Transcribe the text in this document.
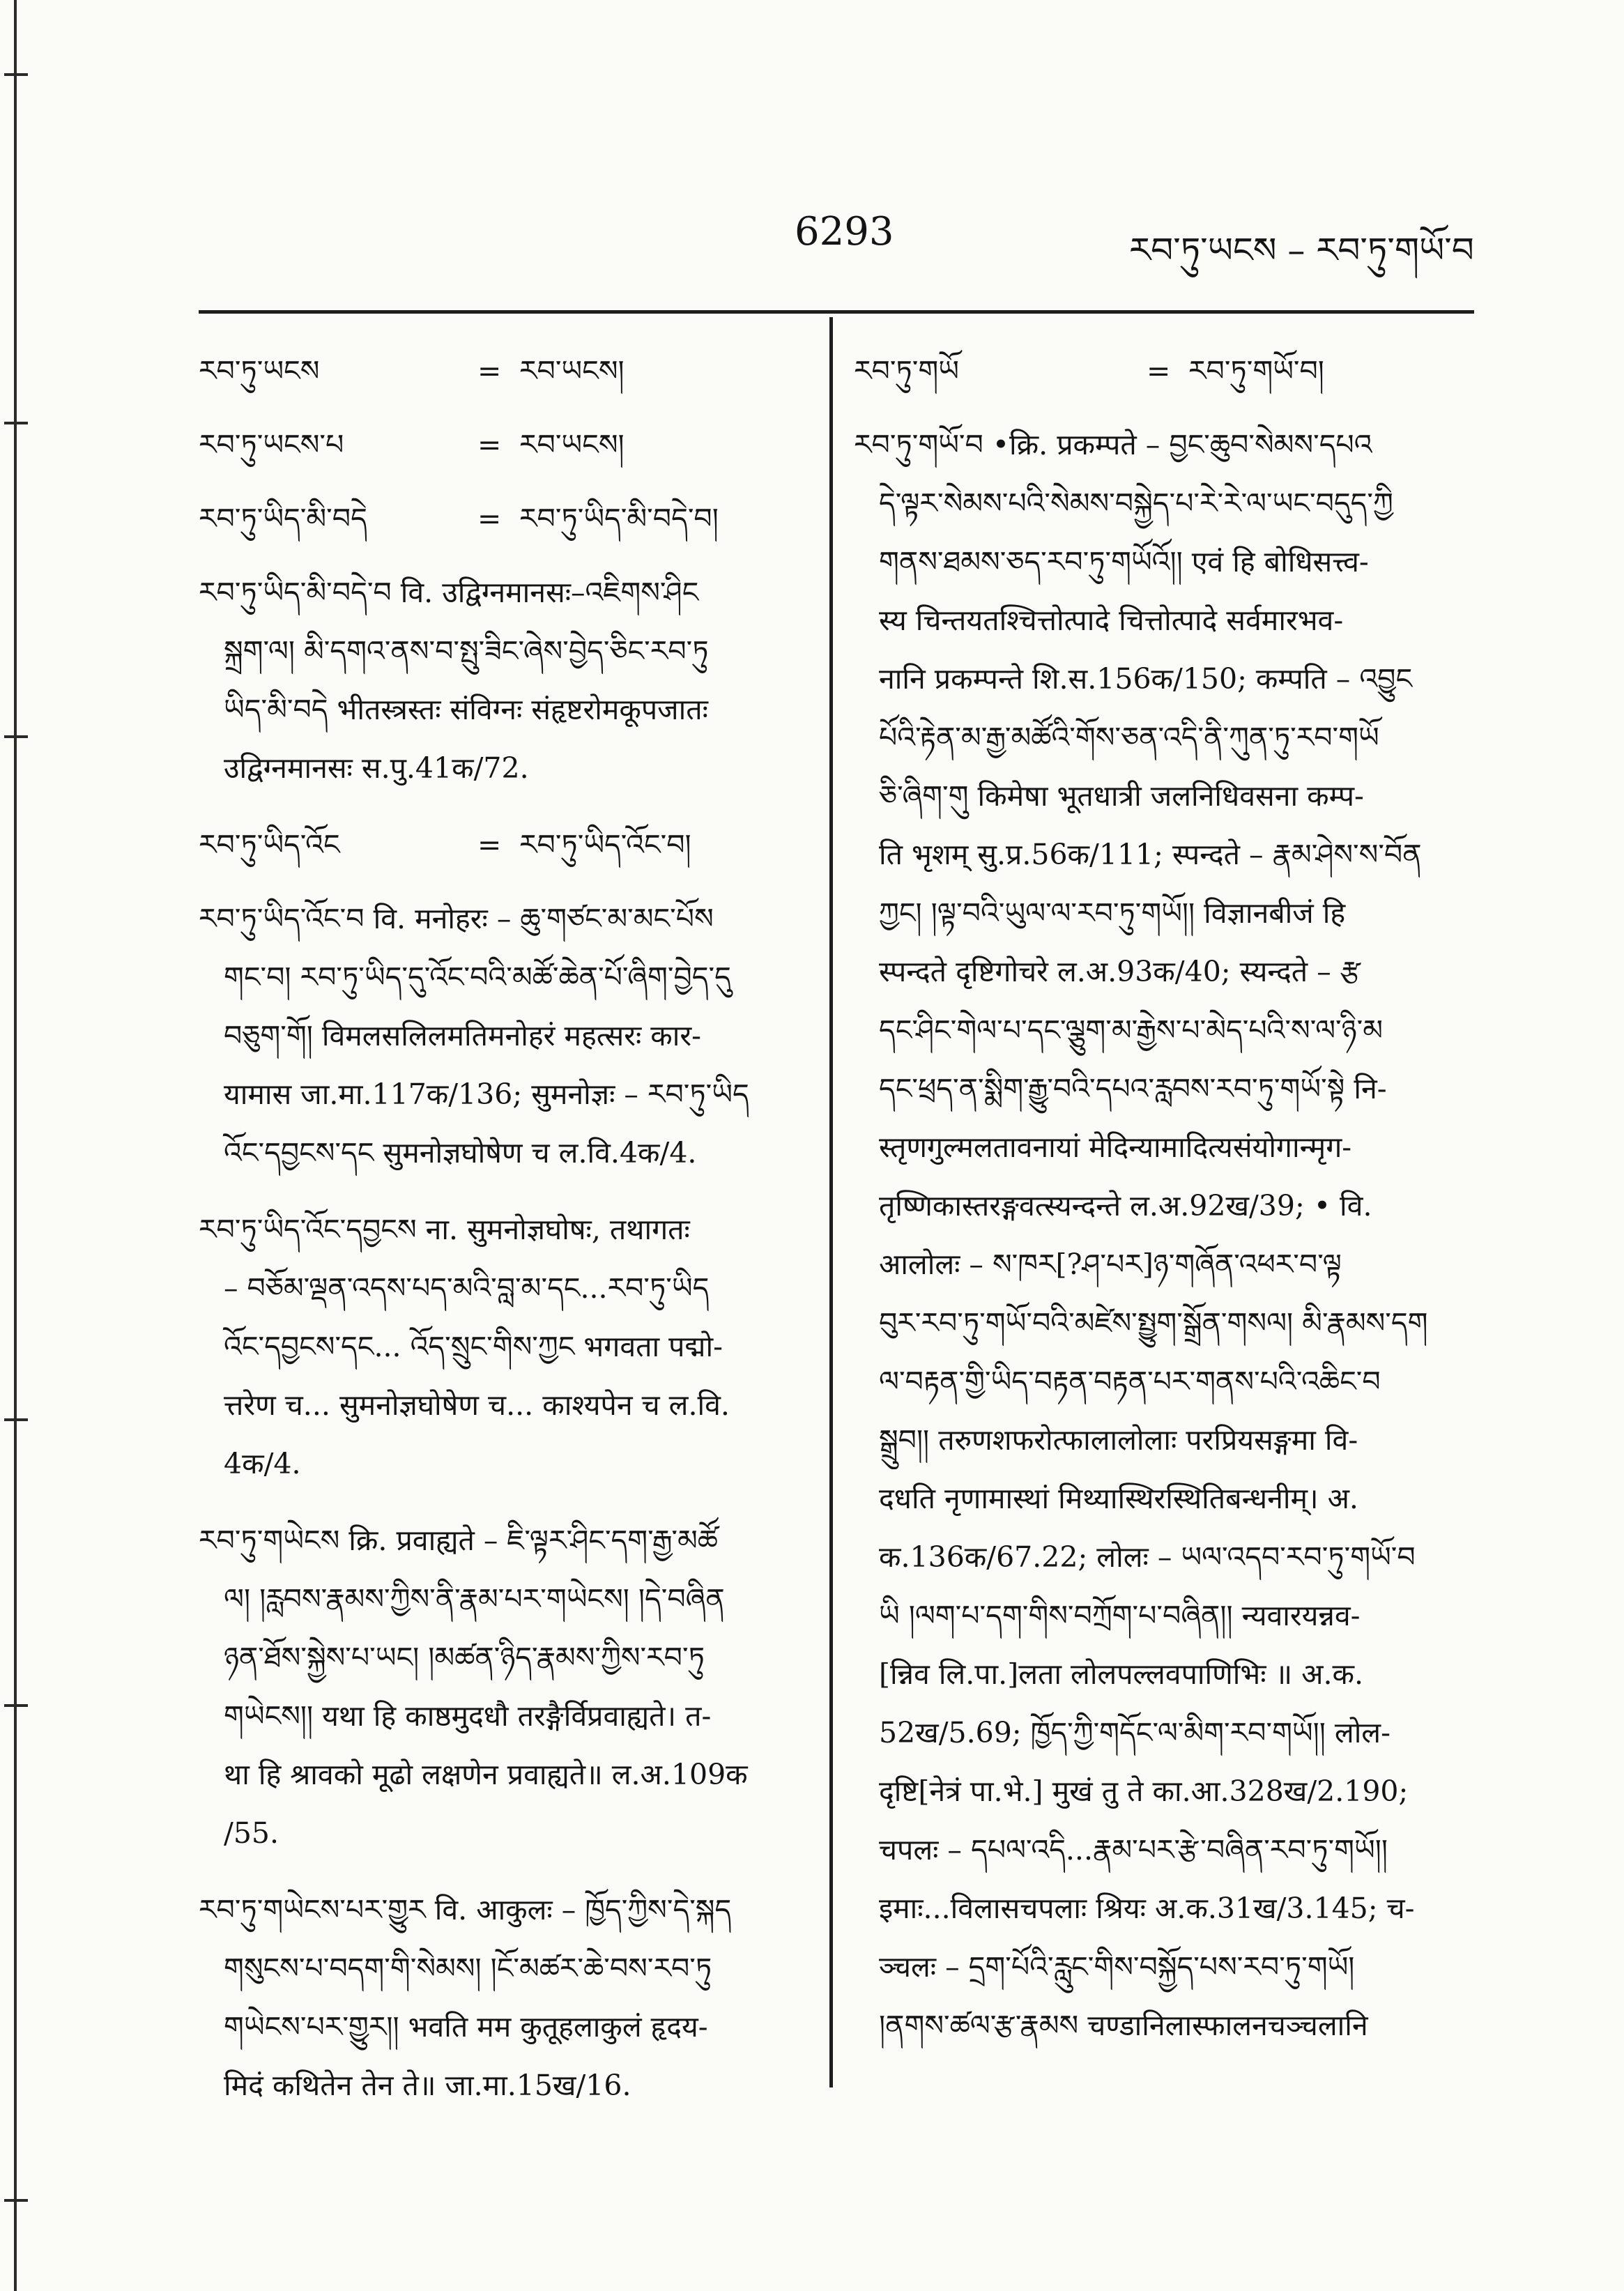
6293	རབ་ཏུ་ཡངས – རབ་ཏུ་གཡོ་བ
རབ་ཏུ་ཡངས	= རབ་ཡངས།
རབ་ཏུ་ཡངས་པ	= རབ་ཡངས།
རབ་ཏུ་ཡིད་མི་བདེ	= རབ་ཏུ་ཡིད་མི་བདེ་བ།
རབ་ཏུ་ཡིད་མི་བདེ་བ वि. उद्विग्नमानसः–འཇིགས་ཤིང
སྐྲག་ལ། མི་དགའ་ནས་བ་སྤུ་ཟིང་ཞེས་བྱེད་ཅིང་རབ་ཏུ
ཡིད་མི་བདེ भीतस्त्रस्तः संविग्नः संहृष्टरोमकूपजातः
उद्विग्नमानसः स.पु.41क/72.
རབ་ཏུ་ཡིད་འོང	= རབ་ཏུ་ཡིད་འོང་བ།
རབ་ཏུ་ཡིད་འོང་བ वि. मनोहरः – ཆུ་གཙང་མ་མང་པོས
གང་བ། རབ་ཏུ་ཡིད་དུ་འོང་བའི་མཚོ་ཆེན་པོ་ཞིག་བྱེད་དུ
བཅུག་གོ། विमलसलिलमतिमनोहरं महत्सरः कार-
यामास जा.मा.117क/136; सुमनोज्ञः – རབ་ཏུ་ཡིད
འོང་དབྱངས་དང सुमनोज्ञघोषेण च ल.वि.4क/4.
རབ་ཏུ་ཡིད་འོང་དབྱངས ना. सुमनोज्ञघोषः, तथागतः
– བཅོམ་ལྡན་འདས་པད་མའི་བླ་མ་དང...རབ་ཏུ་ཡིད
འོང་དབྱངས་དང... འོད་སྲུང་གིས་ཀྱང भगवता पद्मो-
त्तरेण च... सुमनोज्ञघोषेण च... काश्यपेन च ल.वि.
4क/4.
རབ་ཏུ་གཡེངས क्रि. प्रवाह्यते – ཇི་ལྟར་ཤིང་དག་རྒྱ་མཚོ
ལ། །རླབས་རྣམས་ཀྱིས་ནི་རྣམ་པར་གཡེངས། །དེ་བཞིན
ཉན་ཐོས་སྐྱེས་པ་ཡང། །མཚན་ཉིད་རྣམས་ཀྱིས་རབ་ཏུ
གཡེངས།། यथा हि काष्ठमुदधौ तरङ्गैर्विप्रवाह्यते। त-
था हि श्रावको मूढो लक्षणेन प्रवाह्यते॥ ल.अ.109क
/55.
རབ་ཏུ་གཡེངས་པར་གྱུར वि. आकुलः – ཁྱོད་ཀྱིས་དེ་སྐད
གསུངས་པ་བདག་གི་སེམས། །ངོ་མཚར་ཆེ་བས་རབ་ཏུ
གཡེངས་པར་གྱུར།། भवति मम कुतूहलाकुलं हृदय-
मिदं कथितेन तेन ते॥ जा.मा.15ख/16.
རབ་ཏུ་གཡོ	= རབ་ཏུ་གཡོ་བ།
རབ་ཏུ་གཡོ་བ •क्रि. प्रकम्पते – བྱང་ཆུབ་སེམས་དཔའ
དེ་ལྟར་སེམས་པའི་སེམས་བསྐྱེད་པ་རེ་རེ་ལ་ཡང་བདུད་ཀྱི
གནས་ཐམས་ཅད་རབ་ཏུ་གཡོའོ།། एवं हि बोधिसत्त्व-
स्य चिन्तयतश्चित्तोत्पादे चित्तोत्पादे सर्वमारभव-
नानि प्रकम्पन्ते शि.स.156क/150; कम्पति – འབྱུང
པོའི་རྟེན་མ་རྒྱ་མཚོའི་གོས་ཅན་འདི་ནི་ཀུན་ཏུ་རབ་གཡོ
ཅི་ཞིག་གུ किमेषा भूतधात्री जलनिधिवसना कम्प-
ति भृशम् सु.प्र.56क/111; स्पन्दते – རྣམ་ཤེས་ས་བོན
ཀྱང། །ལྟ་བའི་ཡུལ་ལ་རབ་ཏུ་གཡོ།། विज्ञानबीजं हि
स्पन्दते दृष्टिगोचरे ल.अ.93क/40; स्यन्दते – རྩ
དང་ཤིང་གེལ་པ་དང་ལྕུག་མ་རྒྱེས་པ་མེད་པའི་ས་ལ་ཉི་མ
དང་ཕྲད་ན་སྨིག་རྒྱུ་བའི་དཔའ་རླབས་རབ་ཏུ་གཡོ་སྟེ नि-
स्तृणगुल्मलतावनायां मेदिन्यामादित्यसंयोगान्मृग-
तृष्णिकास्तरङ्गवत्स्यन्दन्ते ल.अ.92ख/39; • वि.
आलोलः – ས་ཁར[?ཤ་པར]ཉ་གཞོན་འཕར་བ་ལྟ
བུར་རབ་ཏུ་གཡོ་བའི་མཛེས་སྤྱུག་སྒྲོན་གསལ། མི་རྣམས་དག
ལ་བརྟན་གྱི་ཡིད་བརྟན་བརྟན་པར་གནས་པའི་འཆིང་བ
སྒྲུབ།། तरुणशफरोत्फालालोलाः परप्रियसङ्गमा वि-
दधति नृणामास्थां मिथ्यास्थिरस्थितिबन्धनीम्। अ.
क.136क/67.22; लोलः – ཡལ་འདབ་རབ་ཏུ་གཡོ་བ
ཡི །ལག་པ་དག་གིས་བཀྲོག་པ་བཞིན།། न्यवारयन्नव-
[न्निव लि.पा.]लता लोलपल्लवपाणिभिः ॥ अ.क.
52ख/5.69; ཁྱོད་ཀྱི་གདོང་ལ་མིག་རབ་གཡོ།། लोल-
दृष्टि[नेत्रं पा.भे.] मुखं तु ते का.आ.328ख/2.190;
चपलः – དཔལ་འདི...རྣམ་པར་རྩེ་བཞིན་རབ་ཏུ་གཡོ།།
इमाः...विलासचपलाः श्रियः अ.क.31ख/3.145; च-
ञ्चलः – དྲག་པོའི་རླུང་གིས་བསྐྱོད་པས་རབ་ཏུ་གཡོ།
།ནགས་ཚལ་རྩ་རྣམས चण्डानिलास्फालनचञ्चलानि
